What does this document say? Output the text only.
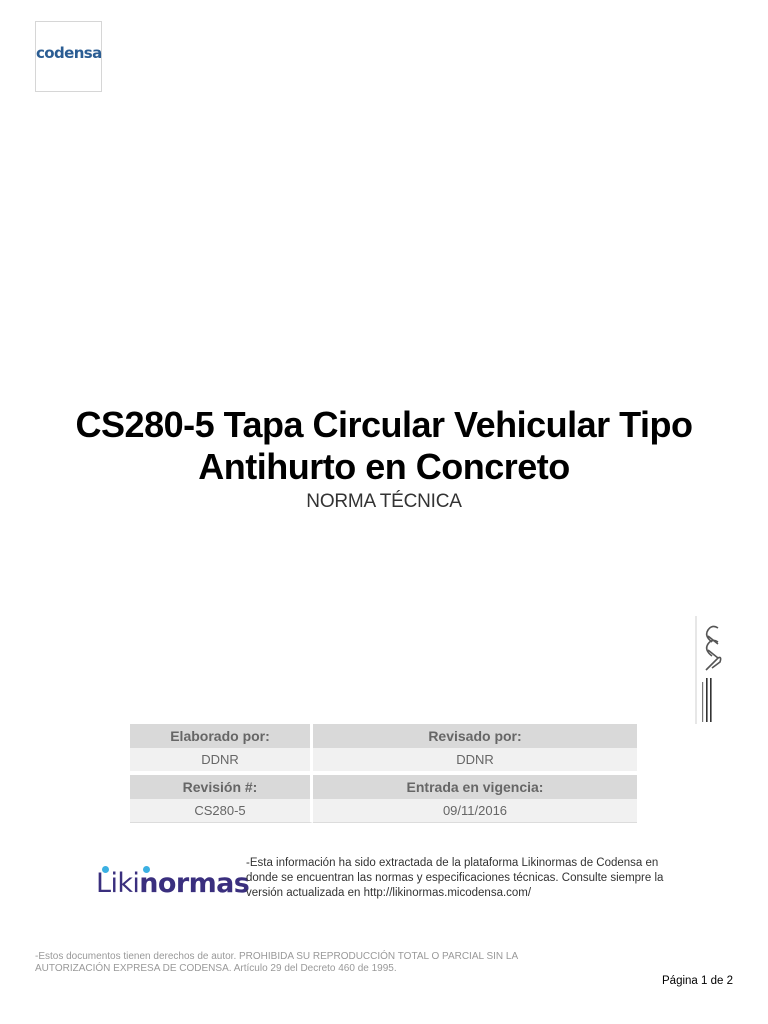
codensa
CS280-5 Tapa Circular Vehicular Tipo Antihurto en Concreto
NORMA TÉCNICA
Elaborado por:	Revisado por:
DDNR	DDNR
Revisión #:	Entrada en vigencia:
CS280-5	09/11/2016
Likinormas
-Esta información ha sido extractada de la plataforma Likinormas de Codensa en donde se encuentran las normas y especificaciones técnicas. Consulte siempre la versión actualizada en http://likinormas.micodensa.com/
-Estos documentos tienen derechos de autor. PROHIBIDA SU REPRODUCCIÓN TOTAL O PARCIAL SIN LA AUTORIZACIÓN EXPRESA DE CODENSA. Artículo 29 del Decreto 460 de 1995.
Página 1 de 2
